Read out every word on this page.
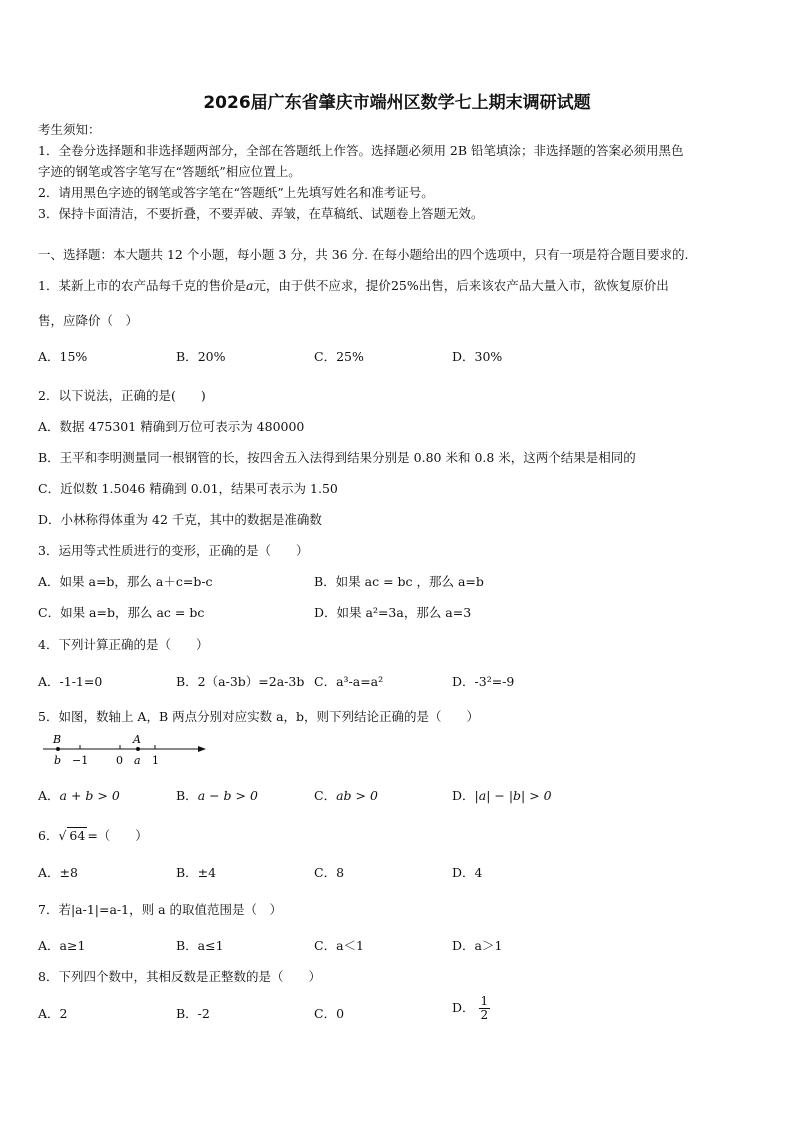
2026届广东省肇庆市端州区数学七上期末调研试题
考生须知：
1．全卷分选择题和非选择题两部分，全部在答题纸上作答。选择题必须用 2B 铅笔填涂；非选择题的答案必须用黑色
字迹的钢笔或答字笔写在“答题纸”相应位置上。
2．请用黑色字迹的钢笔或答字笔在“答题纸”上先填写姓名和准考证号。
3．保持卡面清洁，不要折叠，不要弄破、弄皱，在草稿纸、试题卷上答题无效。
一、选择题：本大题共 12 个小题，每小题 3 分，共 36 分. 在每小题给出的四个选项中，只有一项是符合题目要求的.
1．某新上市的农产品每千克的售价是a元，由于供不应求，提价25%出售，后来该农产品大量入市，欲恢复原价出
售，应降价（　）
A．15%	B．20%	C．25%	D．30%
2．以下说法，正确的是(　　)
A．数据 475301 精确到万位可表示为 480000
B．王平和李明测量同一根钢管的长，按四舍五入法得到结果分别是 0.80 米和 0.8 米，这两个结果是相同的
C．近似数 1.5046 精确到 0.01，结果可表示为 1.50
D．小林称得体重为 42 千克，其中的数据是准确数
3．运用等式性质进行的变形，正确的是（　　）
A．如果 a=b，那么 a＋c=b-c	B．如果 ac = bc ，那么 a=b
C．如果 a=b，那么 ac = bc	D．如果 a²=3a，那么 a=3
4．下列计算正确的是（　　）
A．-1-1=0	B．2（a-3b）=2a-3b C．a³-a=a²	D．-3²=-9
5．如图，数轴上 A，B 两点分别对应实数 a，b，则下列结论正确的是（　　）
B	A
b −1	0 a 1
A．a + b > 0	B．a − b > 0	C．ab > 0	D．|a| − |b| > 0
6．√ 64 =（　　）
A．±8	B．±4	C．8	D．4
7．若|a-1|=a-1，则 a 的取值范围是（　）
A．a≥1	B．a≤1	C．a＜1	D．a＞1
8．下列四个数中，其相反数是正整数的是（　　）
A．2	B．-2	C．0	D． $\frac{1}{2}$
